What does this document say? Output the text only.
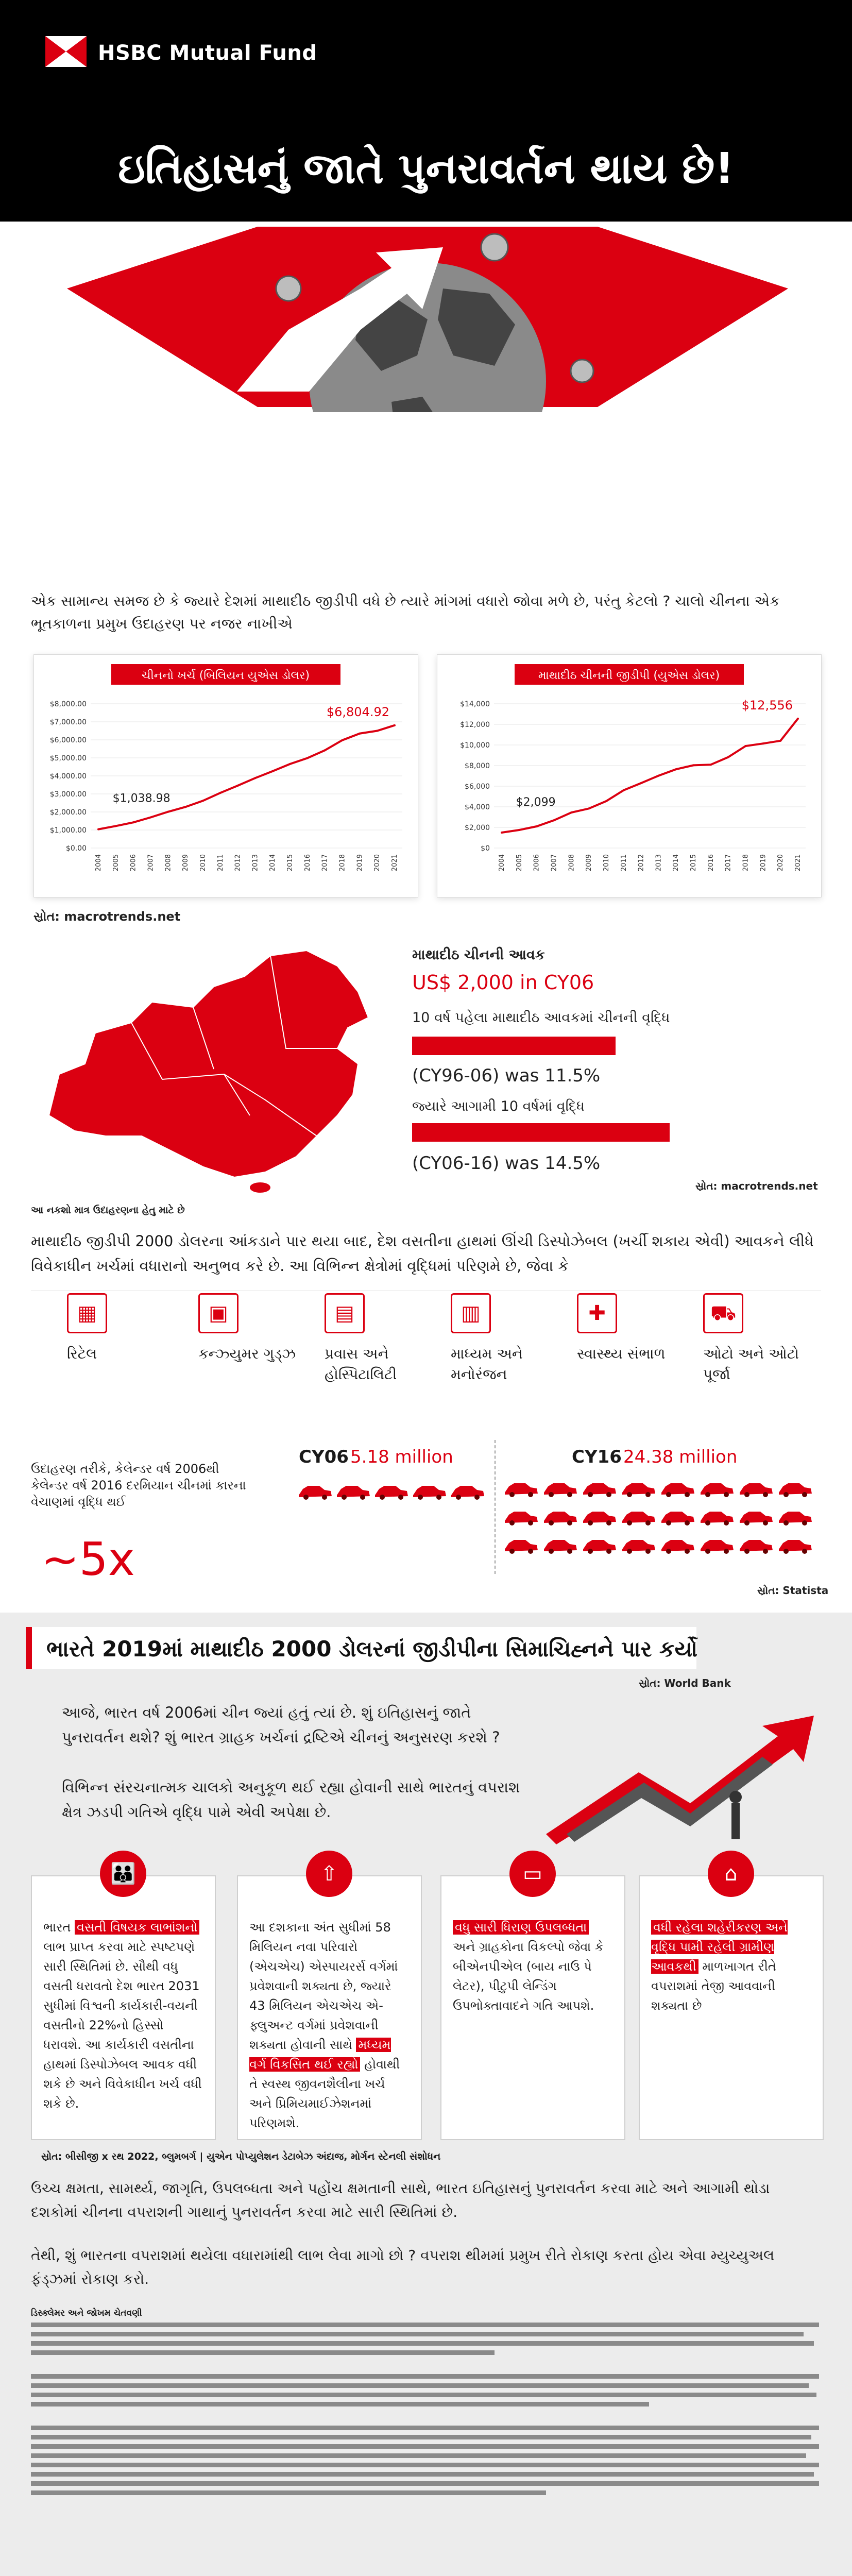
HSBC Mutual Fund
ઇતિહાસનું જાતે પુનરાવર્તન થાય છે!
એક સામાન્ય સમજ છે કે જ્યારે દેશમાં માથાદીઠ જીડીપી વધે છે ત્યારે માંગમાં વધારો જોવા મળે છે, પરંતુ કેટલો ? ચાલો ચીનના એક ભૂતકાળના પ્રમુખ ઉદાહરણ પર નજર નાખીએ
ચીનનો ખર્ચ (બિલિયન યુએસ ડોલર)
$0.00
$1,000.00
$2,000.00
$3,000.00
$4,000.00
$5,000.00
$6,000.00
$7,000.00
$8,000.00
2004 2005 2006 2007 2008 2009 2010 2011 2012 2013 2014 2015 2016 2017 2018 2019 2020 2021
$1,038.98
$6,804.92
માથાદીઠ ચીનની જીડીપી (યુએસ ડોલર)
$0
$2,000
$4,000
$6,000
$8,000
$10,000
$12,000
$14,000
2004 2005 2006 2007 2008 2009 2010 2011 2012 2013 2014 2015 2016 2017 2018 2019 2020 2021
$2,099
$12,556
સ્રોત: macrotrends.net
આ નકશો માત્ર ઉદાહરણના હેતુ માટે છે
માથાદીઠ ચીનની આવક
US$ 2,000 in CY06
10 વર્ષ પહેલા માથાદીઠ આવકમાં ચીનની વૃદ્ધિ
(CY96-06) was 11.5%
જ્યારે આગામી 10 વર્ષમાં વૃદ્ધિ
(CY06-16) was 14.5%
સ્રોત: macrotrends.net
માથાદીઠ જીડીપી 2000 ડોલરના આંકડાને પાર થયા બાદ, દેશ વસતીના હાથમાં ઊંચી ડિસ્પોઝેબલ (ખર્ચી શકાય એવી) આવકને લીધે વિવેકાધીન ખર્ચમાં વધારાનો અનુભવ કરે છે. આ વિભિન્ન ક્ષેત્રોમાં વૃદ્ધિમાં પરિણમે છે, જેવા કે
▦
રિટેલ
▣
કન્ઝ્યુમર ગુડ્ઝ
▤
પ્રવાસ અને હોસ્પિટાલિટી
▥
માધ્યમ અને મનોરંજન
✚
સ્વાસ્થ્ય સંભાળ
⛟
ઓટો અને ઓટો પૂર્જા
ઉદાહરણ તરીકે, કેલેન્ડર વર્ષ 2006થી કેલેન્ડર વર્ષ 2016 દરમિયાન ચીનમાં કારના વેચાણમાં વૃદ્ધિ થઈ
~5x
CY06 5.18 million	CY16 24.38 million
સ્રોત: Statista
ભારતે 2019માં માથાદીઠ 2000 ડોલરનાં જીડીપીના સિમાચિહ્નને પાર કર્યો
સ્રોત: World Bank
આજે, ભારત વર્ષ 2006માં ચીન જ્યાં હતું ત્યાં છે. શું ઇતિહાસનું જાતે પુનરાવર્તન થશે? શું ભારત ગ્રાહક ખર્ચનાં દ્રષ્ટિએ ચીનનું અનુસરણ કરશે ?
વિભિન્ન સંરચનાત્મક ચાલકો અનુકૂળ થઈ રહ્યા હોવાની સાથે ભારતનું વપરાશ ક્ષેત્ર ઝડપી ગતિએ વૃદ્ધિ પામે એવી અપેક્ષા છે.
👪
ભારત વસતી વિષયક લાભાંશનો લાભ પ્રાપ્ત કરવા માટે સ્પષ્ટપણે સારી સ્થિતિમાં છે. સૌથી વધુ વસતી ધરાવતો દેશ ભારત 2031 સુધીમાં વિશ્વની કાર્યકારી-વયની વસતીનો 22%નો હિસ્સો ધરાવશે. આ કાર્યકારી વસતીના હાથમાં ડિસ્પોઝેબલ આવક વધી શકે છે અને વિવેકાધીન ખર્ચ વધી શકે છે.
⇧
આ દશકાના અંત સુધીમાં 58 મિલિયન નવા પરિવારો (એચએચ) એસ્પાયરર્સ વર્ગમાં પ્રવેશવાની શક્યતા છે, જ્યારે 43 મિલિયન એચએચ એ-ફ્લુઅન્ટ વર્ગમાં પ્રવેશવાની શક્યતા હોવાની સાથે મધ્યમ વર્ગ વિકસિત થઈ રહ્યો હોવાથી તે સ્વસ્થ જીવનશૈલીના ખર્ચ અને પ્રિમિયમાઈઝેશનમાં પરિણમશે.
▭
વધુ સારી ધિરાણ ઉપલબ્ધતા અને ગ્રાહકોના વિકલ્પો જેવા કે બીએનપીએલ (બાય નાઉ પે લેટર), પીટુપી લેન્ડિંગ ઉપભોક્તાવાદને ગતિ આપશે.
⌂
વધી રહેલા શહેરીકરણ અને વૃદ્ધિ પામી રહેલી ગ્રામીણ આવકથી માળખાગત રીતે વપરાશમાં તેજી આવવાની શક્યતા છે
સ્રોત: બીસીજી x રથ 2022, બ્લુમબર્ગ | યુએન પોપ્યુલેશન ડેટાબેઝ અંદાજ, મોર્ગન સ્ટેનલી સંશોધન
ઉચ્ચ ક્ષમતા, સામર્થ્ય, જાગૃતિ, ઉપલબ્ધતા અને પહોંચ ક્ષમતાની સાથે, ભારત ઇતિહાસનું પુનરાવર્તન કરવા માટે અને આગામી થોડા દશકોમાં ચીનના વપરાશની ગાથાનું પુનરાવર્તન કરવા માટે સારી સ્થિતિમાં છે.
તેથી, શું ભારતના વપરાશમાં થયેલા વધારામાંથી લાભ લેવા માગો છો ? વપરાશ થીમમાં પ્રમુખ રીતે રોકાણ કરતા હોય એવા મ્યુચ્યુઅલ ફંડ્ઝમાં રોકાણ કરો.
ડિસ્ક્લેમર અને જોખમ ચેતવણી
